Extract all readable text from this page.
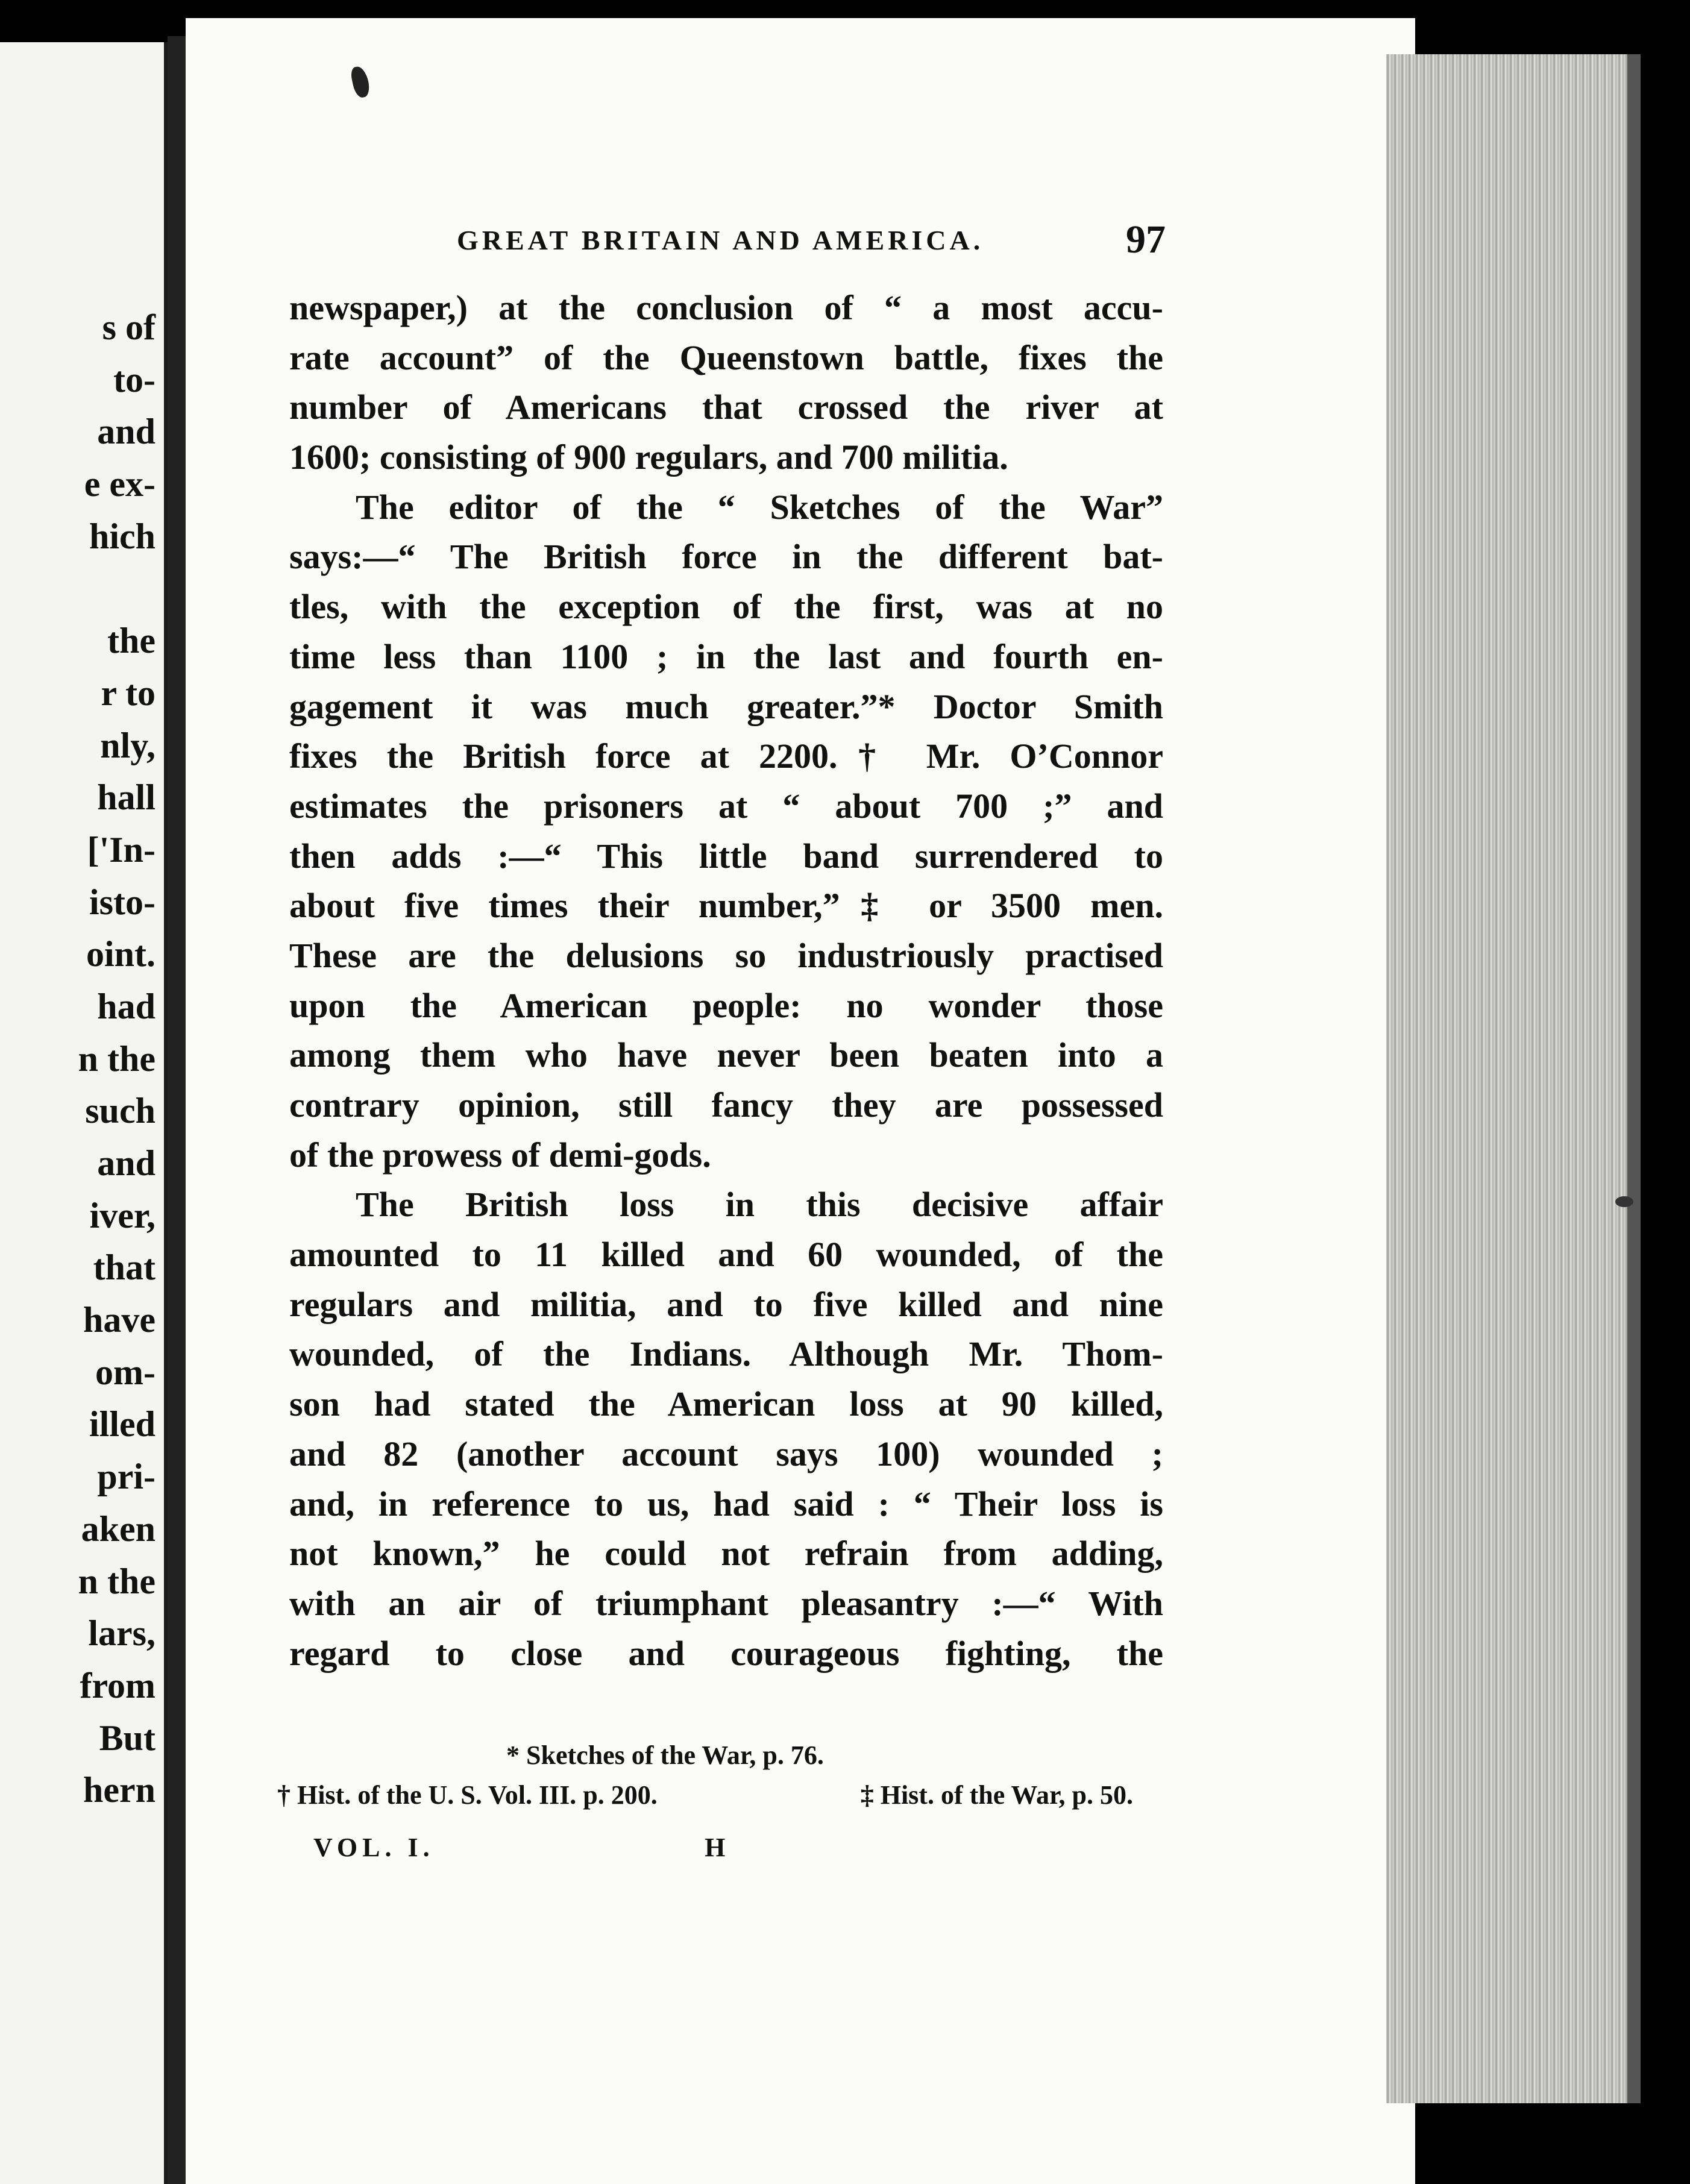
s of
to-
and
e ex-
hich
the
r to
nly,
hall
['In-
isto-
oint.
had
n the
such
and
iver,
that
have
om-
illed
pri-
aken
n the
lars,
from
But
hern
GREAT BRITAIN AND AMERICA.	97
newspaper,) at the conclusion of “ a most accu-
rate account” of the Queenstown battle, fixes the
number of Americans that crossed the river at
1600; consisting of 900 regulars, and 700 militia.
The editor of the “ Sketches of the War”
says:—“ The British force in the different bat-
tles, with the exception of the first, was at no
time less than 1100 ; in the last and fourth en-
gagement it was much greater.”* Doctor Smith
fixes the British force at 2200.† Mr. O’Connor
estimates the prisoners at “ about 700 ;” and
then adds :—“ This little band surrendered to
about five times their number,”‡ or 3500 men.
These are the delusions so industriously practised
upon the American people: no wonder those
among them who have never been beaten into a
contrary opinion, still fancy they are possessed
of the prowess of demi-gods.
The British loss in this decisive affair
amounted to 11 killed and 60 wounded, of the
regulars and militia, and to five killed and nine
wounded, of the Indians. Although Mr. Thom-
son had stated the American loss at 90 killed,
and 82 (another account says 100) wounded ;
and, in reference to us, had said : “ Their loss is
not known,” he could not refrain from adding,
with an air of triumphant pleasantry :—“ With
regard to close and courageous fighting, the
* Sketches of the War, p. 76.
† Hist. of the U. S. Vol. III. p. 200.	‡ Hist. of the War, p. 50.
VOL. I.	H
